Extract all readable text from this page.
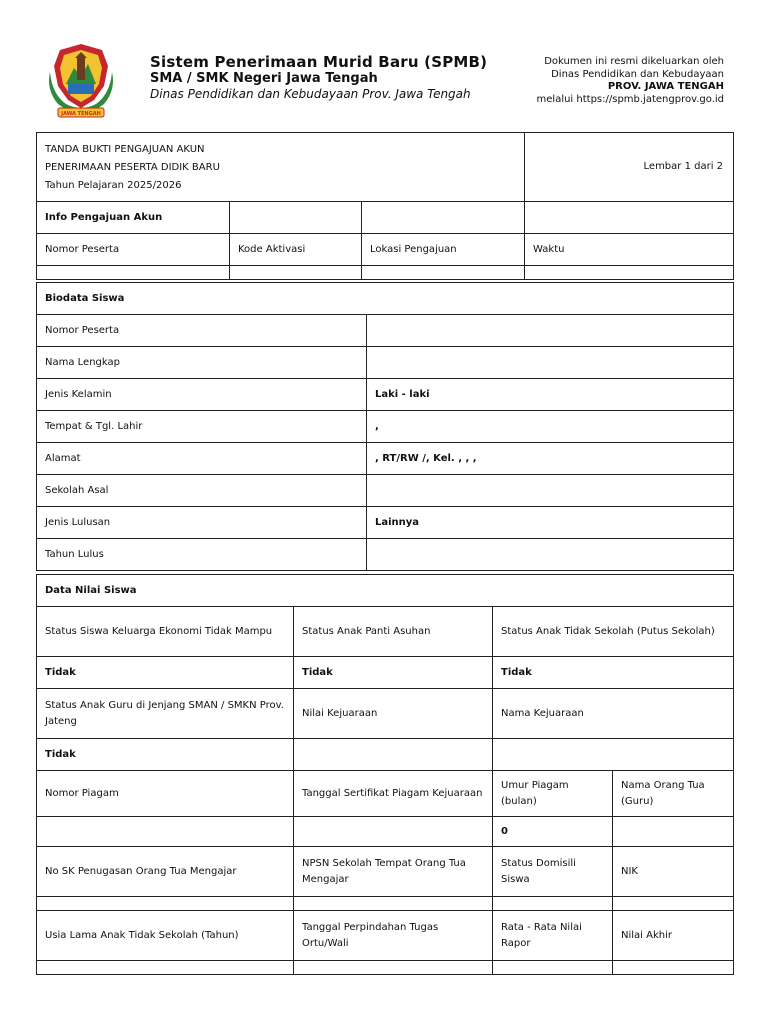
JAWA TENGAH
Sistem Penerimaan Murid Baru (SPMB)
SMA / SMK Negeri Jawa Tengah
Dinas Pendidikan dan Kebudayaan Prov. Jawa Tengah
Dokumen ini resmi dikeluarkan oleh
Dinas Pendidikan dan Kebudayaan
PROV. JAWA TENGAH
melalui https://spmb.jatengprov.go.id
TANDA BUKTI PENGAJUAN AKUN
PENERIMAAN PESERTA DIDIK BARU
Tahun Pelajaran 2025/2026			Lembar 1 dari 2
Info Pengajuan Akun			
Nomor Peserta	Kode Aktivasi	Lokasi Pengajuan	Waktu

Biodata Siswa	
Nomor Peserta	
Nama Lengkap	
Jenis Kelamin	Laki - laki
Tempat & Tgl. Lahir	,
Alamat	, RT/RW /, Kel. , , ,
Sekolah Asal	
Jenis Lulusan	Lainnya
Tahun Lulus	
Data Nilai Siswa			
Status Siswa Keluarga Ekonomi Tidak Mampu	Status Anak Panti Asuhan	Status Anak Tidak Sekolah (Putus Sekolah)	
Tidak	Tidak	Tidak	
Status Anak Guru di Jenjang SMAN / SMKN Prov. Jateng	Nilai Kejuaraan	Nama Kejuaraan	
Tidak			
Nomor Piagam	Tanggal Sertifikat Piagam Kejuaraan	Umur Piagam (bulan)	Nama Orang Tua (Guru)
		0	
No SK Penugasan Orang Tua Mengajar	NPSN Sekolah Tempat Orang Tua Mengajar	Status Domisili Siswa	NIK

Usia Lama Anak Tidak Sekolah (Tahun)	Tanggal Perpindahan Tugas Ortu/Wali	Rata - Rata Nilai Rapor	Nilai Akhir
